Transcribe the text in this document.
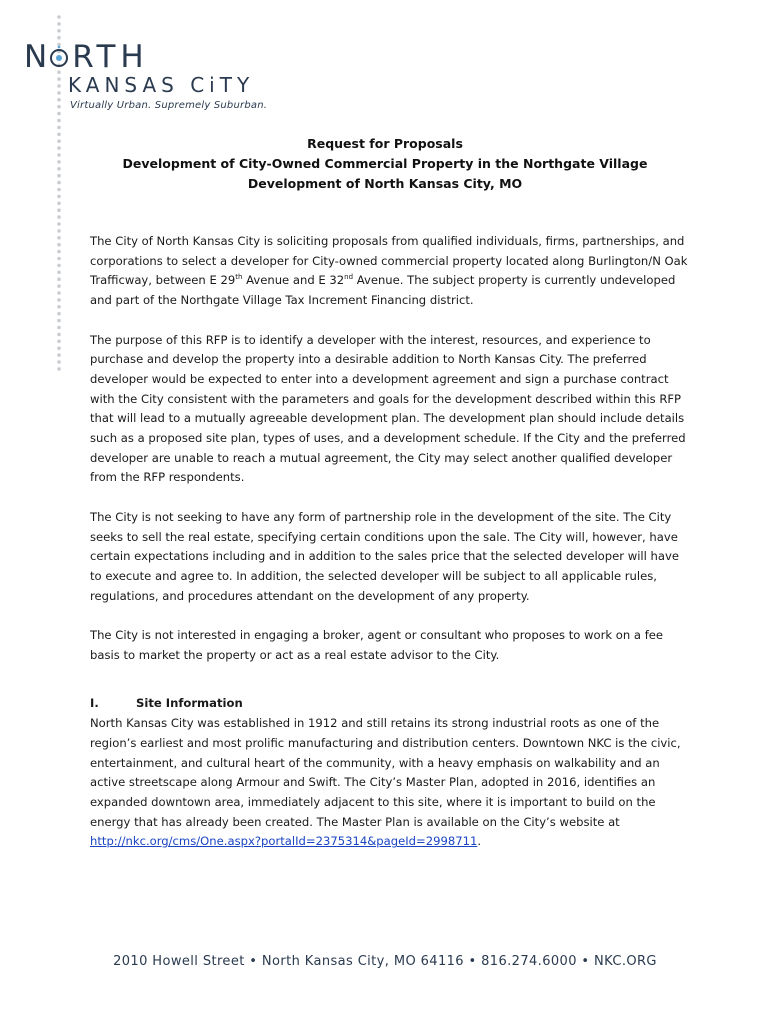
N RTH
KANSAS CiTY
Virtually Urban. Supremely Suburban.
Request for Proposals
Development of City-Owned Commercial Property in the Northgate Village
Development of North Kansas City, MO

The City of North Kansas City is soliciting proposals from qualified individuals, firms, partnerships, and corporations to select a developer for City-owned commercial property located along Burlington/N Oak Trafficway, between E 29th Avenue and E 32nd Avenue. The subject property is currently undeveloped and part of the Northgate Village Tax Increment Financing district.

The purpose of this RFP is to identify a developer with the interest, resources, and experience to purchase and develop the property into a desirable addition to North Kansas City. The preferred developer would be expected to enter into a development agreement and sign a purchase contract with the City consistent with the parameters and goals for the development described within this RFP that will lead to a mutually agreeable development plan. The development plan should include details such as a proposed site plan, types of uses, and a development schedule. If the City and the preferred developer are unable to reach a mutual agreement, the City may select another qualified developer from the RFP respondents.

The City is not seeking to have any form of partnership role in the development of the site. The City seeks to sell the real estate, specifying certain conditions upon the sale. The City will, however, have certain expectations including and in addition to the sales price that the selected developer will have to execute and agree to. In addition, the selected developer will be subject to all applicable rules, regulations, and procedures attendant on the development of any property.

The City is not interested in engaging a broker, agent or consultant who proposes to work on a fee basis to market the property or act as a real estate advisor to the City.

I.	Site Information

North Kansas City was established in 1912 and still retains its strong industrial roots as one of the region’s earliest and most prolific manufacturing and distribution centers. Downtown NKC is the civic, entertainment, and cultural heart of the community, with a heavy emphasis on walkability and an active streetscape along Armour and Swift. The City’s Master Plan, adopted in 2016, identifies an expanded downtown area, immediately adjacent to this site, where it is important to build on the energy that has already been created. The Master Plan is available on the City’s website at http://nkc.org/cms/One.aspx?portalId=2375314&pageId=2998711.

2010 Howell Street • North Kansas City, MO 64116 • 816.274.6000 • NKC.ORG
